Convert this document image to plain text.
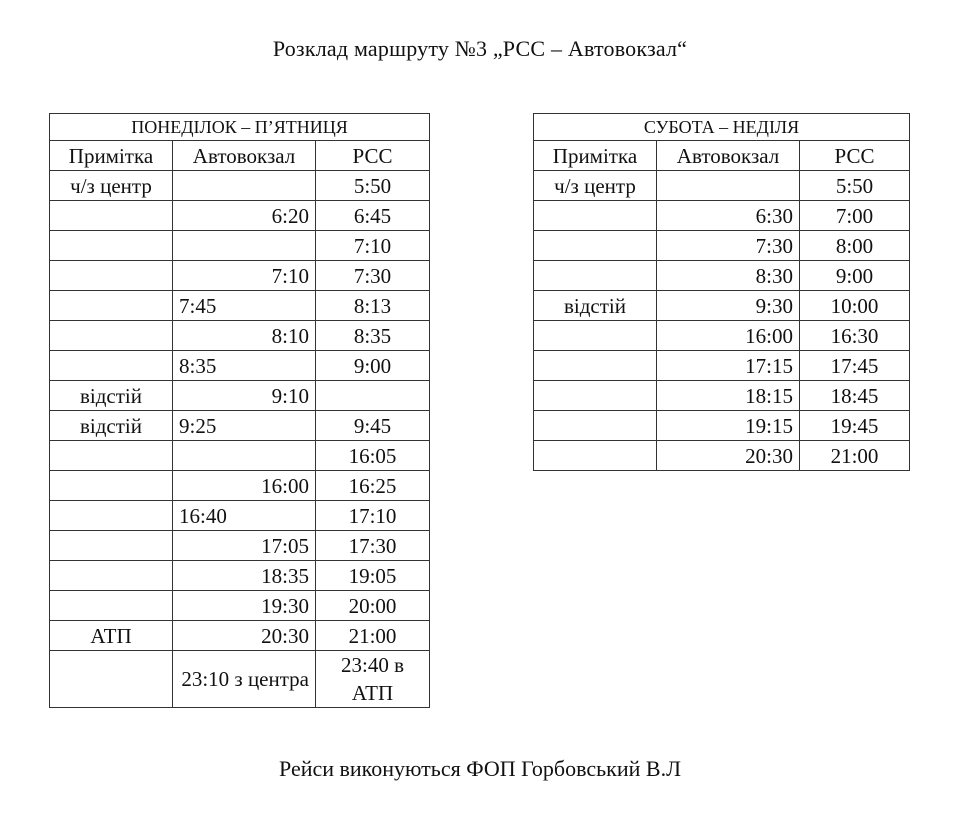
Розклад маршруту №3 „РСС – Автовокзал“
ПОНЕДІЛОК – П’ЯТНИЦЯ		
Примітка	Автовокзал	РСС
ч/з центр		5:50
	6:20	6:45
		7:10
	7:10	7:30
	7:45	8:13
	8:10	8:35
	8:35	9:00
відстій	9:10	
відстій	9:25	9:45
		16:05
	16:00	16:25
	16:40	17:10
	17:05	17:30
	18:35	19:05
	19:30	20:00
АТП	20:30	21:00
	23:10 з центра	23:40 в АТП
СУБОТА – НЕДІЛЯ		
Примітка	Автовокзал	РСС
ч/з центр		5:50
	6:30	7:00
	7:30	8:00
	8:30	9:00
відстій	9:30	10:00
	16:00	16:30
	17:15	17:45
	18:15	18:45
	19:15	19:45
	20:30	21:00
Рейси виконуються ФОП Горбовський В.Л
